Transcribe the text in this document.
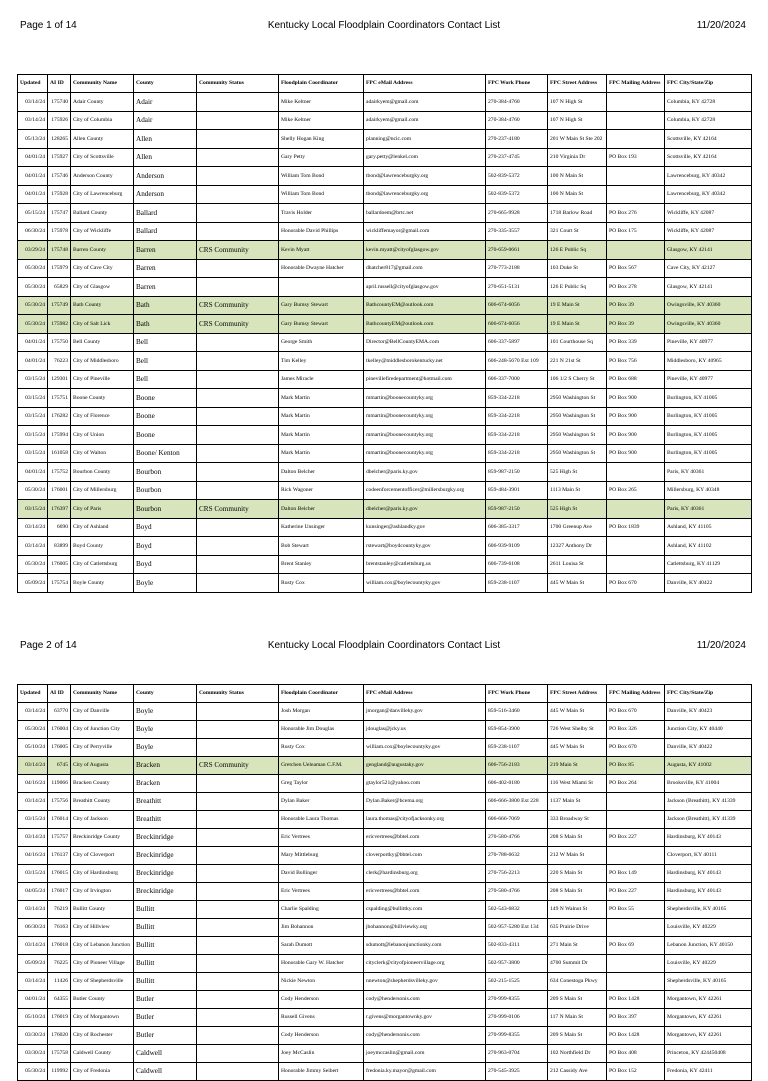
Page 1 of 14	Kentucky Local Floodplain Coordinators Contact List	11/20/2024
Updated	AI ID	Community Name	County	Community Status	Floodplain Coordinator	FPC eMail Address	FPC Work Phone	FPC Street Address	FPC Mailing Address	FPC City/State/Zip
03/14/24	175740	Adair County	Adair		Mike Keltner	adairkyem@gmail.com	270-384-4760	107 N High St		Columbia, KY 42728
03/14/24	175926	City of Columbia	Adair		Mike Keltner	adairkyem@gmail.com	270-384-4760	107 N High St		Columbia, KY 42728
05/13/24	128265	Allen County	Allen		Shelly Hogan King	planning@ncic.com	270-237-4180	201 W Main St Ste 202		Scottsville, KY 42164
04/01/24	175927	City of Scottsville	Allen		Gary Petty	gary.petty@lenkel.com	270-237-4745	210 Virginia Dr	PO Box 193	Scottsville, KY 42164
04/01/24	175746	Anderson County	Anderson		William Tom Bond	tbond@lawrenceburgky.org	502-839-5372	100 N Main St		Lawrenceburg, KY 40342
04/01/24	175928	City of Lawrenceburg	Anderson		William Tom Bond	tbond@lawrenceburgky.org	502-839-5372	100 N Main St		Lawrenceburg, KY 40342
05/15/24	175747	Ballard County	Ballard		Travis Holder	ballardoem@brtc.net	270-665-9928	1718 Barlow Road	PO Box 276	Wickliffe, KY 42087
06/30/24	175978	City of Wickliffe	Ballard		Honorable David Phillips	wickliffemayor@gmail.com	270-335-3557	321 Court St	PO Box 175	Wickliffe, KY 42087
03/29/24	175748	Barren County	Barren	CRS Community	Kevin Myatt	kevin.myatt@cityofglasgow.gov	270-659-0661	126 E Public Sq		Glasgow, KY 42141
05/30/24	175979	City of Cave City	Barren		Honorable Dwayne Hatcher	dhatcher817@gmail.com	270-773-2188	103 Duke St	PO Box 567	Cave City, KY 42127
05/30/24	65829	City of Glasgow	Barren			april.russell@cityofglasgow.gov	270-651-5131	126 E Public Sq	PO Box 278	Glasgow, KY 42141
05/30/24	175749	Bath County	Bath	CRS Community	Gary Bumsy Stewart	BathcountyEM@outlook.com	606-674-6056	19 E Main St	PO Box 39	Owingsville, KY 40360
05/30/24	175982	City of Salt Lick	Bath	CRS Community	Gary Bumsy Stewart	BathcountyEM@outlook.com	606-674-6056	19 E Main St	PO Box 39	Owingsville, KY 40360
04/01/24	175750	Bell County	Bell		George Smith	Director@BellCountyEMA.com	606-337-5897	101 Courthouse Sq	PO Box 339	Pineville, KY 40977
04/01/24	76223	City of Middlesboro	Bell		Tim Kelley	tkelley@middlesborokentucky.net	606-248-5670 Ext 109	221 N 21st St	PO Box 756	Middlesboro, KY 40965
03/15/24	129301	City of Pineville	Bell		James Miracle	pinevillefiredepartment@hotmail.com	606-337-7000	106 1/2 S Cherry St	PO Box 688	Pineville, KY 40977
03/15/24	175751	Boone County	Boone		Mark Martin	mmartin@boonecountyky.org	859-334-2218	2950 Washington St	PO Box 900	Burlington, KY 41005
03/15/24	176282	City of Florence	Boone		Mark Martin	mmartin@boonecountyky.org	859-334-2218	2950 Washington St	PO Box 900	Burlington, KY 41005
03/15/24	175994	City of Union	Boone		Mark Martin	mmartin@boonecountyky.org	859-334-2218	2950 Washington St	PO Box 900	Burlington, KY 41005
03/15/24	161058	City of Walton	Boone/ Kenton		Mark Martin	mmartin@boonecountyky.org	859-334-2218	2950 Washington St	PO Box 900	Burlington, KY 41005
04/01/24	175752	Bourbon County	Bourbon		Dalton Belcher	dbelcher@paris.ky.gov	859-987-2150	525 High St		Paris, KY 40361
05/30/24	176001	City of Millersburg	Bourbon		Rick Wagoner	codeenforcementofficer@millersburgky.org	859-484-3901	1113 Main St	PO Box 265	Millersburg, KY 40348
03/15/24	176397	City of Paris	Bourbon	CRS Community	Dalton Belcher	dbelcher@paris.ky.gov	859-987-2150	525 High St		Paris, KY 40361
03/14/24	6690	City of Ashland	Boyd		Katherine Unsinger	kunsinger@ashlandky.gov	606-385-3317	1700 Greenup Ave	PO Box 1839	Ashland, KY 41105
03/14/24	83899	Boyd County	Boyd		Bob Stewart	rstewart@boydcountyky.gov	606-939-9109	12327 Anthony Dr		Ashland, KY 41102
05/30/24	176005	City of Catlettsburg	Boyd		Brent Stanley	brentstanley@catlettsburg.us	606-739-6108	2611 Louisa St		Catlettsburg, KY 41129
05/09/24	175754	Boyle County	Boyle		Rusty Cox	william.cox@boylecountyky.gov	859-238-1107	445 W Main St	PO Box 670	Danville, KY 40422
Page 2 of 14	Kentucky Local Floodplain Coordinators Contact List	11/20/2024
Updated	AI ID	Community Name	County	Community Status	Floodplain Coordinator	FPC eMail Address	FPC Work Phone	FPC Street Address	FPC Mailing Address	FPC City/State/Zip
03/14/24	63770	City of Danville	Boyle		Josh Morgan	jmorgan@danvilleky.gov	859-516-3460	445 W Main St	PO Box 670	Danville, KY 40423
05/30/24	176004	City of Junction City	Boyle		Honorable Jim Douglas	jdouglas@jcky.us	859-854-3900	726 West Shelby St	PO Box 326	Junction City, KY 40440
05/10/24	176005	City of Perryville	Boyle		Rusty Cox	william.cox@boylecountyky.gov	859-238-1107	445 W Main St	PO Box 670	Danville, KY 40422
03/14/24	6745	City of Augusta	Bracken	CRS Community	Gretchen Ueleaman C.F.M.	gengland@augustaky.gov	606-756-2183	219 Main St	PO Box 85	Augusta, KY 41002
04/16/24	119066	Bracken County	Bracken		Greg Taylor	gtaylor521@yahoo.com	606-402-0180	116 West Miami St	PO Box 264	Brooksville, KY 41004
03/14/24	175756	Breathitt County	Breathitt		Dylan Baker	Dylan.Baker@bcema.org	606-666-3800 Ext 228	1137 Main St		Jackson (Breathitt), KY 41339
03/15/24	176014	City of Jackson	Breathitt		Honorable Laura Thomas	laura.thomas@cityofjacksonky.org	606-666-7069	333 Broadway St		Jackson (Breathitt), KY 41339
03/14/24	175757	Breckinridge County	Breckinridge		Eric Vertrees	ericvertrees@bbtel.com	270-580-4766	208 S Main St	PO Box 227	Hardinsburg, KY 40143
04/16/24	176137	City of Cloverport	Breckinridge		Mary Mittleburg	cloverportky@bbtel.com	270-788-6632	212 W Main St		Cloverport, KY 40111
03/15/24	176015	City of Hardinsburg	Breckinridge		David Bollinger	clerk@hardinsburg.org	270-756-2213	220 S Main St	PO Box 149	Hardinsburg, KY 40143
04/05/24	176017	City of Irvington	Breckinridge		Eric Vertrees	ericvertrees@bbtel.com	270-580-4766	208 S Main St	PO Box 227	Hardinsburg, KY 40143
03/14/24	76219	Bullitt County	Bullitt		Charlie Spalding	cspalding@bullittky.com	502-543-6832	149 N Walnut St	PO Box 55	Shepherdsville, KY 40165
06/30/24	76163	City of Hillview	Bullitt		Jim Bohannon	jbohannon@hillviewky.org	502-957-5280 Ext 134	635 Prairie Drive		Louisville, KY 40229
03/14/24	176018	City of Lebanon Junction	Bullitt		Sarah Dumott	sdumott@lebanonjunctionky.com	502-833-4311	271 Main St	PO Box 69	Lebanon Junction, KY 40150
05/09/24	76225	City of Pioneer Village	Bullitt		Honorable Gary W. Hatcher	cityclerk@cityofpioneervillage.org	502-957-3800	4700 Summit Dr		Louisville, KY 40229
03/14/24	11426	City of Shepherdsville	Bullitt		Nickie Newton	nnewton@shepherdsvilleky.gov	502-215-1525	634 Conestoga Pkwy		Shepherdsville, KY 40165
04/01/24	64355	Butler County	Butler		Cody Henderson	cody@hendersonis.com	270-999-8355	209 S Main St	PO Box 1428	Morgantown, KY 42261
05/10/24	176019	City of Morgantown	Butler		Russell Givens	r.givens@morgantownky.gov	270-999-0106	117 N Main St	PO Box 397	Morgantown, KY 42261
03/30/24	176020	City of Rochester	Butler		Cody Henderson	cody@hendersonis.com	270-999-8355	209 S Main St	PO Box 1428	Morgantown, KY 42261
03/30/24	175758	Caldwell County	Caldwell		Joey McCaslin	joeymccaslin@gmail.com	270-963-0704	102 Northfield Dr	PO Box 408	Princeton, KY 424450408
05/30/24	119992	City of Fredonia	Caldwell		Honorable Jimmy Seibert	fredonia.ky.mayor@gmail.com	270-545-3925	212 Cassidy Ave	PO Box 152	Fredonia, KY 42411
